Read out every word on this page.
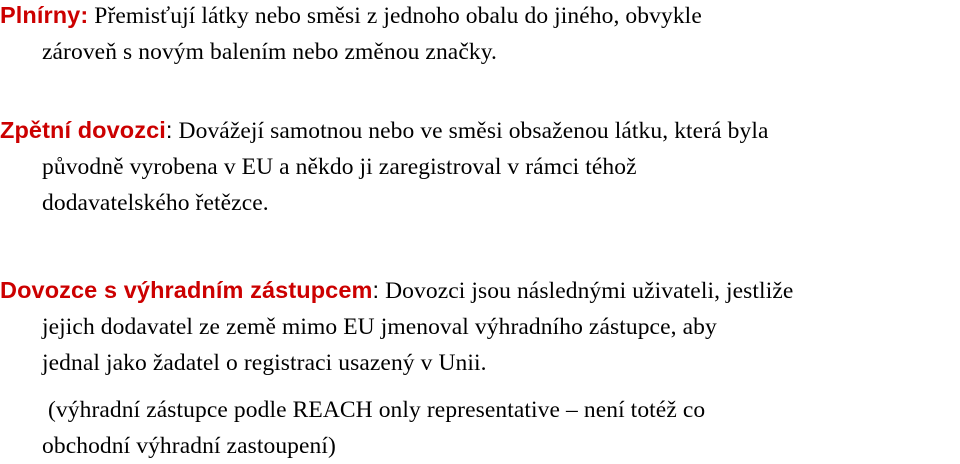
Plnírny: Přemisťují látky nebo směsi z jednoho obalu do jiného, obvykle
zároveň s novým balením nebo změnou značky.
Zpětní dovozci: Dovážejí samotnou nebo ve směsi obsaženou látku, která byla
původně vyrobena v EU a někdo ji zaregistroval v rámci téhož
dodavatelského řetězce.
Dovozce s výhradním zástupcem: Dovozci jsou následnými uživateli, jestliže
jejich dodavatel ze země mimo EU jmenoval výhradního zástupce, aby
jednal jako žadatel o registraci usazený v Unii.
(výhradní zástupce podle REACH only representative – není totéž co
obchodní výhradní zastoupení)
